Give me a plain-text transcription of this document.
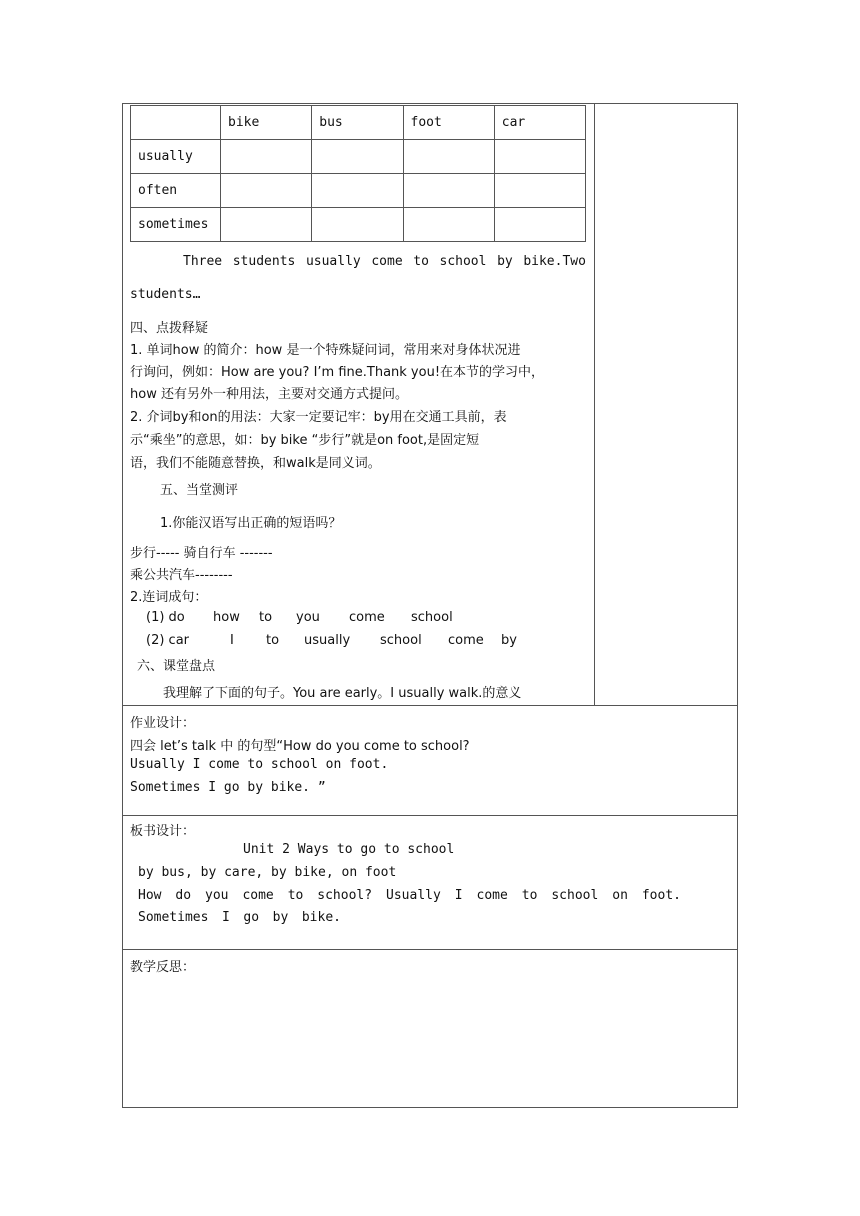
	bike	bus	foot	car
usually				
often				
sometimes				
Three students usually come to school by bike.Two
students…
四、点拨释疑
1. 单词how 的简介：how 是一个特殊疑问词，常用来对身体状况进
行询问，例如：How are you? I’m fine.Thank you!在本节的学习中，
how 还有另外一种用法，主要对交通方式提问。
2. 介词by和on的用法：大家一定要记牢：by用在交通工具前，表
示“乘坐”的意思，如：by bike “步行”就是on foot,是固定短
语，我们不能随意替换，和walk是同义词。
五、当堂测评
1.你能汉语写出正确的短语吗？
步行----- 骑自行车 -------
乘公共汽车--------
2.连词成句：
(1) do how to you come school
(2) car	I to usually school come by
六、课堂盘点
我理解了下面的句子。You are early。I usually walk.的意义
作业设计：
四会 let’s talk 中 的句型“How do you come to school?
Usually I come to school on foot.
Sometimes I go by bike. ”
板书设计：
Unit 2 Ways to go to school
by bus, by care, by bike, on foot
How do you come to school? Usually I come to school on foot.
Sometimes I go by bike.
教学反思：
